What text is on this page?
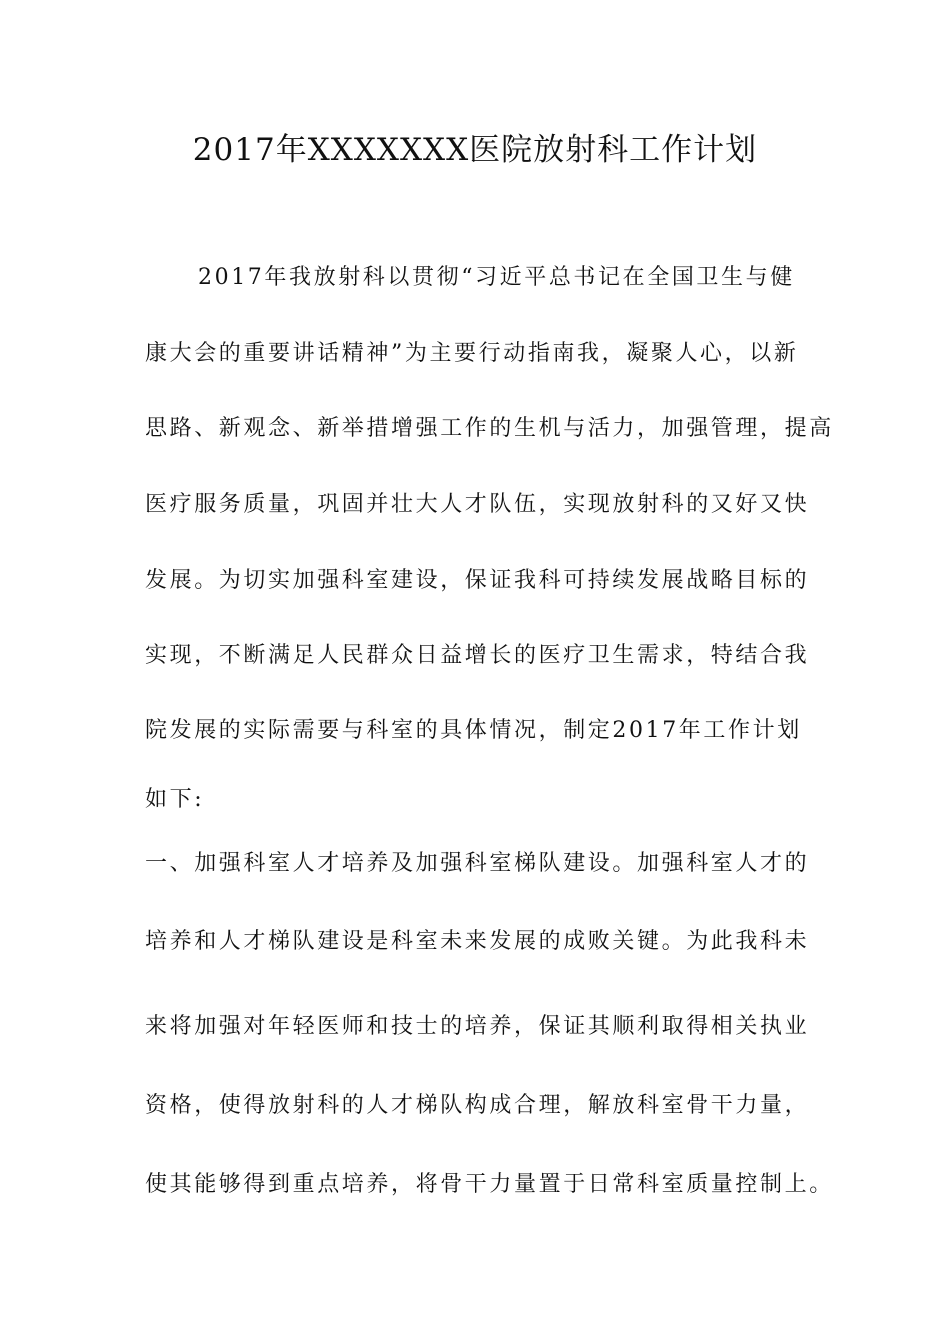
2017年XXXXXXX医院放射科工作计划
2017年我放射科以贯彻“习近平总书记在全国卫生与健
康大会的重要讲话精神”为主要行动指南我，凝聚人心，以新
思路、新观念、新举措增强工作的生机与活力，加强管理，提高
医疗服务质量，巩固并壮大人才队伍，实现放射科的又好又快
发展。为切实加强科室建设，保证我科可持续发展战略目标的
实现，不断满足人民群众日益增长的医疗卫生需求，特结合我
院发展的实际需要与科室的具体情况，制定2017年工作计划
如下:
一、加强科室人才培养及加强科室梯队建设。加强科室人才的
培养和人才梯队建设是科室未来发展的成败关键。为此我科未
来将加强对年轻医师和技士的培养，保证其顺利取得相关执业
资格，使得放射科的人才梯队构成合理，解放科室骨干力量，
使其能够得到重点培养，将骨干力量置于日常科室质量控制上。
